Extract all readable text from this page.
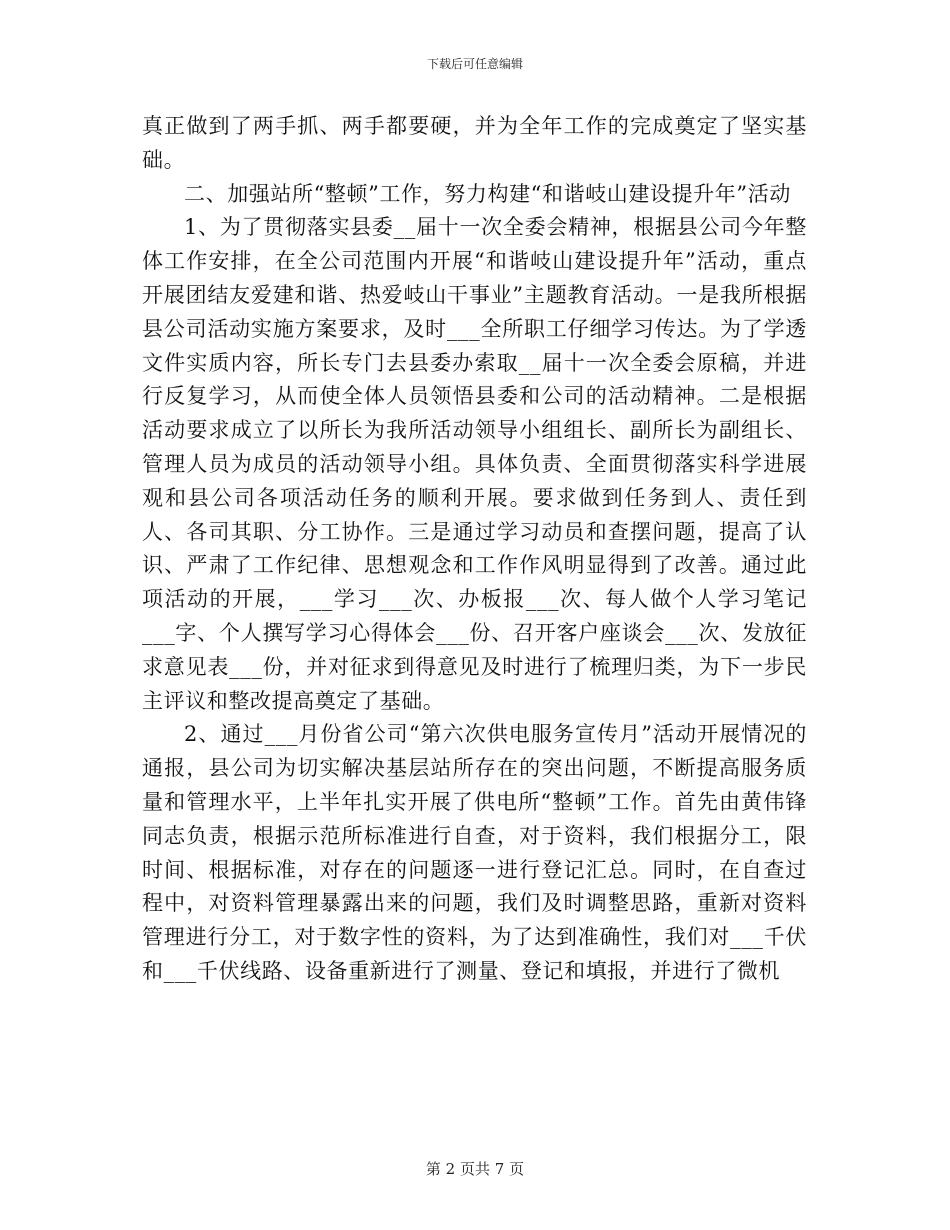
下载后可任意编辑

真正做到了两手抓、两手都要硬，并为全年工作的完成奠定了坚实基础。

二、加强站所“整顿”工作，努力构建“和谐岐山建设提升年”活动

1、为了贯彻落实县委__届十一次全委会精神，根据县公司今年整体工作安排，在全公司范围内开展“和谐岐山建设提升年”活动，重点开展团结友爱建和谐、热爱岐山干事业”主题教育活动。一是我所根据县公司活动实施方案要求，及时___全所职工仔细学习传达。为了学透文件实质内容，所长专门去县委办索取__届十一次全委会原稿，并进行反复学习，从而使全体人员领悟县委和公司的活动精神。二是根据活动要求成立了以所长为我所活动领导小组组长、副所长为副组长、管理人员为成员的活动领导小组。具体负责、全面贯彻落实科学进展观和县公司各项活动任务的顺利开展。要求做到任务到人、责任到人、各司其职、分工协作。三是通过学习动员和查摆问题，提高了认识、严肃了工作纪律、思想观念和工作作风明显得到了改善。通过此项活动的开展，___学习___次、办板报___次、每人做个人学习笔记___字、个人撰写学习心得体会___份、召开客户座谈会___次、发放征求意见表___份，并对征求到得意见及时进行了梳理归类，为下一步民主评议和整改提高奠定了基础。

2、通过___月份省公司“第六次供电服务宣传月”活动开展情况的通报，县公司为切实解决基层站所存在的突出问题，不断提高服务质量和管理水平，上半年扎实开展了供电所“整顿”工作。首先由黄伟锋同志负责，根据示范所标准进行自查，对于资料，我们根据分工，限时间、根据标准，对存在的问题逐一进行登记汇总。同时，在自查过程中，对资料管理暴露出来的问题，我们及时调整思路，重新对资料管理进行分工，对于数字性的资料，为了达到准确性，我们对___千伏和___千伏线路、设备重新进行了测量、登记和填报，并进行了微机

第 2 页共 7 页
